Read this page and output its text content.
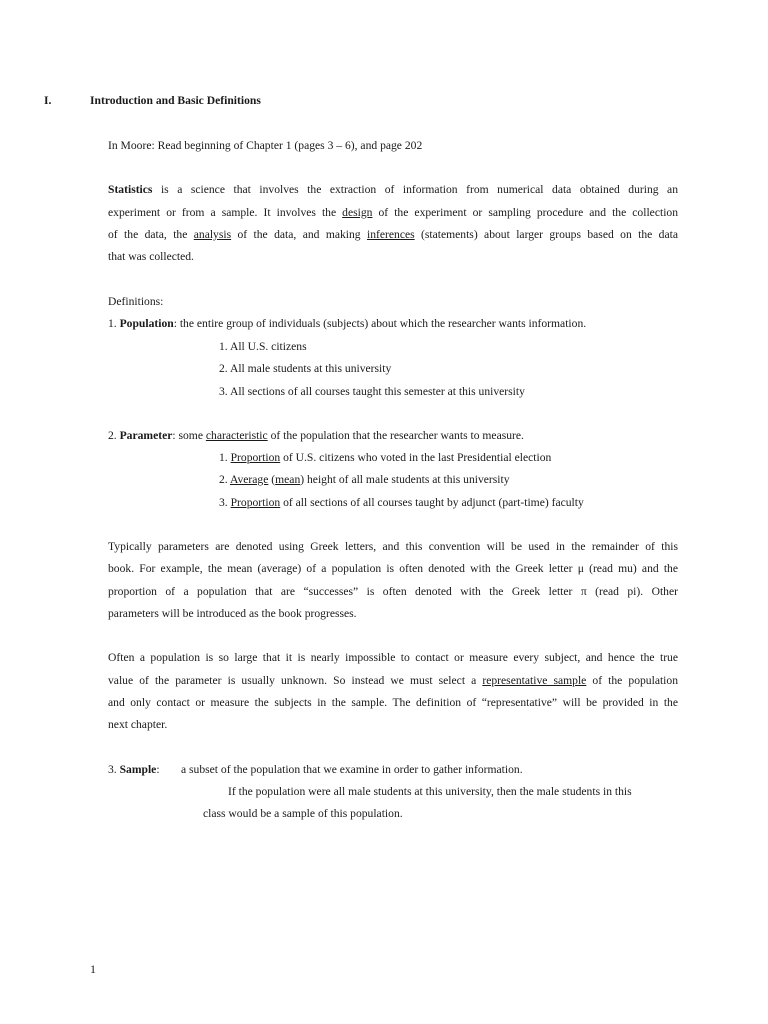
I.	Introduction and Basic Definitions
In Moore: Read beginning of Chapter 1 (pages 3 – 6), and page 202
Statistics is a science that involves the extraction of information from numerical data obtained during an
experiment or from a sample. It involves the design of the experiment or sampling procedure and the collection
of the data, the analysis of the data, and making inferences (statements) about larger groups based on the data
that was collected.
Definitions:
1. Population: the entire group of individuals (subjects) about which the researcher wants information.
1. All U.S. citizens
2. All male students at this university
3. All sections of all courses taught this semester at this university
2. Parameter: some characteristic of the population that the researcher wants to measure.
1. Proportion of U.S. citizens who voted in the last Presidential election
2. Average (mean) height of all male students at this university
3. Proportion of all sections of all courses taught by adjunct (part-time) faculty
Typically parameters are denoted using Greek letters, and this convention will be used in the remainder of this
book. For example, the mean (average) of a population is often denoted with the Greek letter μ (read mu) and the
proportion of a population that are “successes” is often denoted with the Greek letter π (read pi). Other
parameters will be introduced as the book progresses.
Often a population is so large that it is nearly impossible to contact or measure every subject, and hence the true
value of the parameter is usually unknown. So instead we must select a representative sample of the population
and only contact or measure the subjects in the sample. The definition of “representative” will be provided in the
next chapter.
3. Sample: a subset of the population that we examine in order to gather information.
If the population were all male students at this university, then the male students in this
class would be a sample of this population.
1
